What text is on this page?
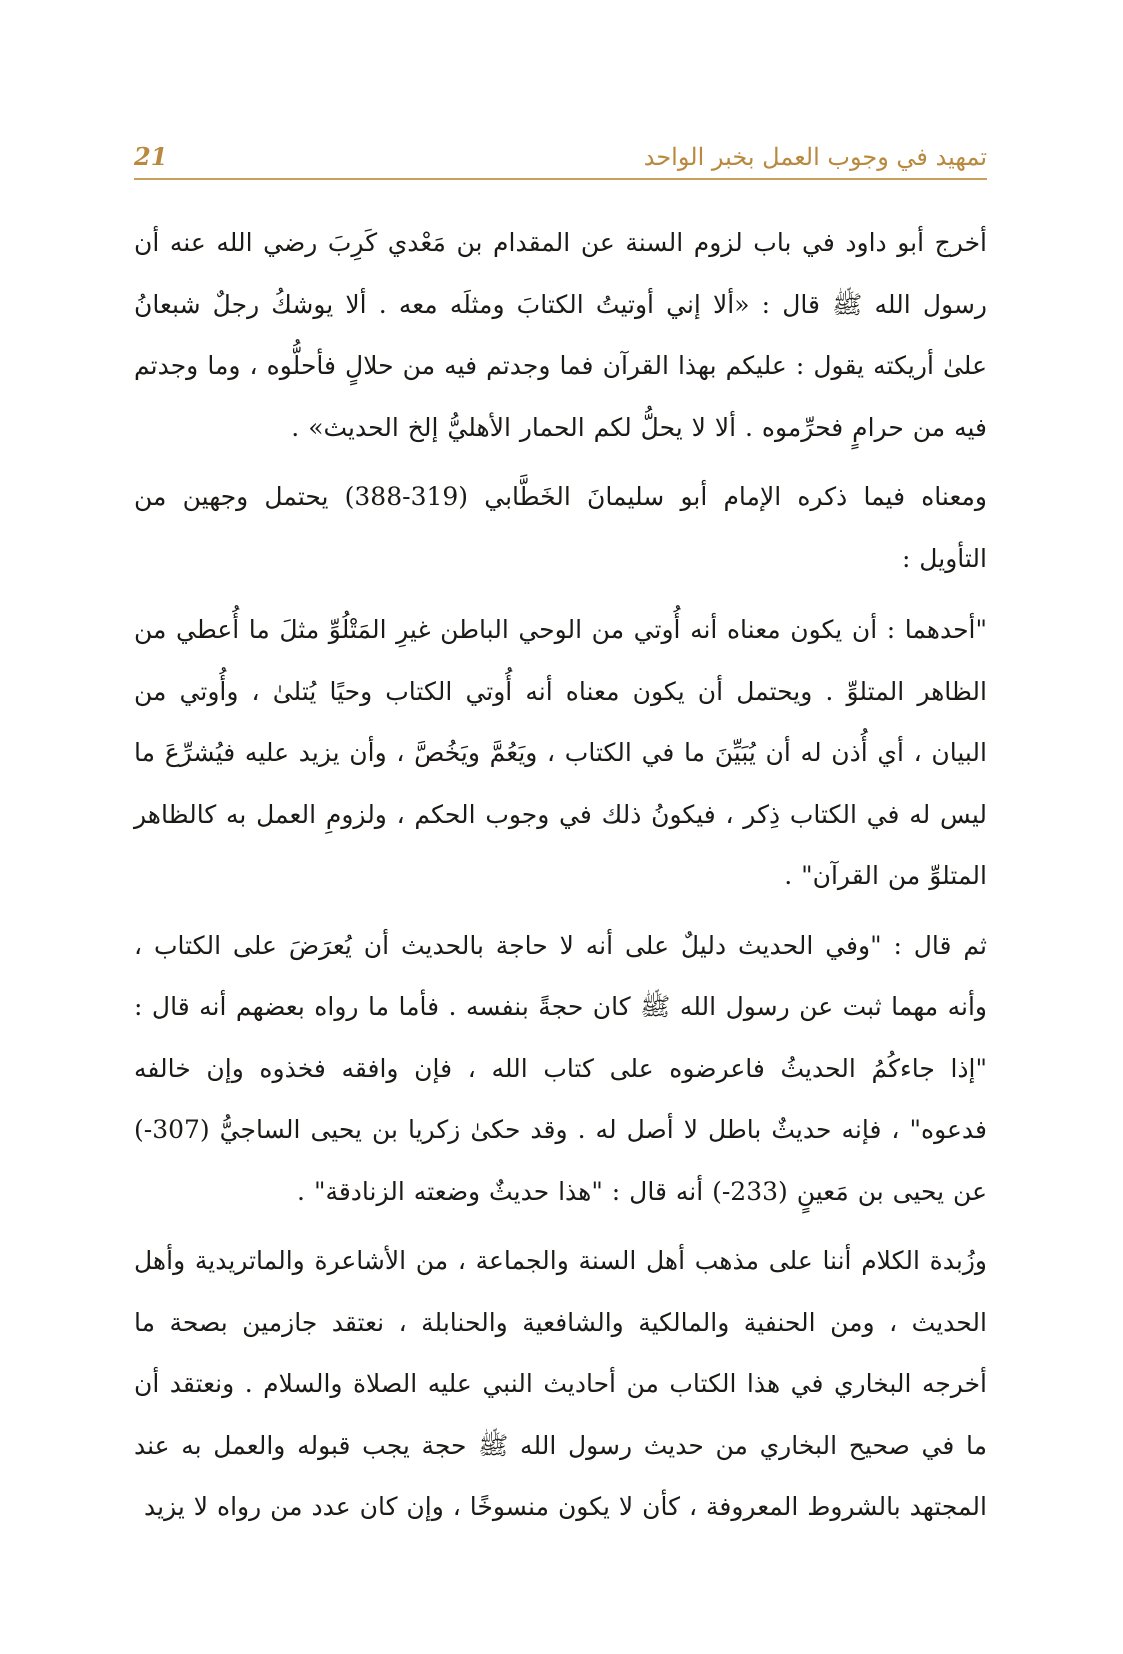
تمهيد في وجوب العمل بخبر الواحد
21

أخرج أبو داود في باب لزوم السنة عن المقدام بن مَعْدي كَرِبَ رضي الله عنه أن رسول الله ﷺ قال : «ألا إني أوتيتُ الكتابَ ومثلَه معه . ألا يوشكُ رجلٌ شبعانُ علىٰ أريكته يقول : عليكم بهذا القرآن فما وجدتم فيه من حلالٍ فأحلُّوه ، وما وجدتم فيه من حرامٍ فحرِّموه . ألا لا يحلُّ لكم الحمار الأهليُّ إلخ الحديث» .

ومعناه فيما ذكره الإمام أبو سليمانَ الخَطَّابي (319-388) يحتمل وجهين من التأويل :

"أحدهما : أن يكون معناه أنه أُوتي من الوحي الباطن غيرِ المَتْلُوِّ مثلَ ما أُعطي من الظاهر المتلوِّ . ويحتمل أن يكون معناه أنه أُوتي الكتاب وحيًا يُتلىٰ ، وأُوتي من البيان ، أي أُذن له أن يُبَيِّنَ ما في الكتاب ، ويَعُمَّ ويَخُصَّ ، وأن يزيد عليه فيُشرِّعَ ما ليس له في الكتاب ذِكر ، فيكونُ ذلك في وجوب الحكم ، ولزومِ العمل به كالظاهر المتلوِّ من القرآن" .

ثم قال : "وفي الحديث دليلٌ على أنه لا حاجة بالحديث أن يُعرَضَ على الكتاب ، وأنه مهما ثبت عن رسول الله ﷺ كان حجةً بنفسه . فأما ما رواه بعضهم أنه قال : "إذا جاءكُمُ الحديثُ فاعرضوه على كتاب الله ، فإن وافقه فخذوه وإن خالفه فدعوه" ، فإنه حديثٌ باطل لا أصل له . وقد حكىٰ زكريا بن يحيى الساجيُّ (307-) عن يحيى بن مَعينٍ (233-) أنه قال : "هذا حديثٌ وضعته الزنادقة" .

وزُبدة الكلام أننا على مذهب أهل السنة والجماعة ، من الأشاعرة والماتريدية وأهل الحديث ، ومن الحنفية والمالكية والشافعية والحنابلة ، نعتقد جازمين بصحة ما أخرجه البخاري في هذا الكتاب من أحاديث النبي عليه الصلاة والسلام . ونعتقد أن ما في صحيح البخاري من حديث رسول الله ﷺ حجة يجب قبوله والعمل به عند المجتهد بالشروط المعروفة ، كأن لا يكون منسوخًا ، وإن كان عدد من رواه لا يزيد
